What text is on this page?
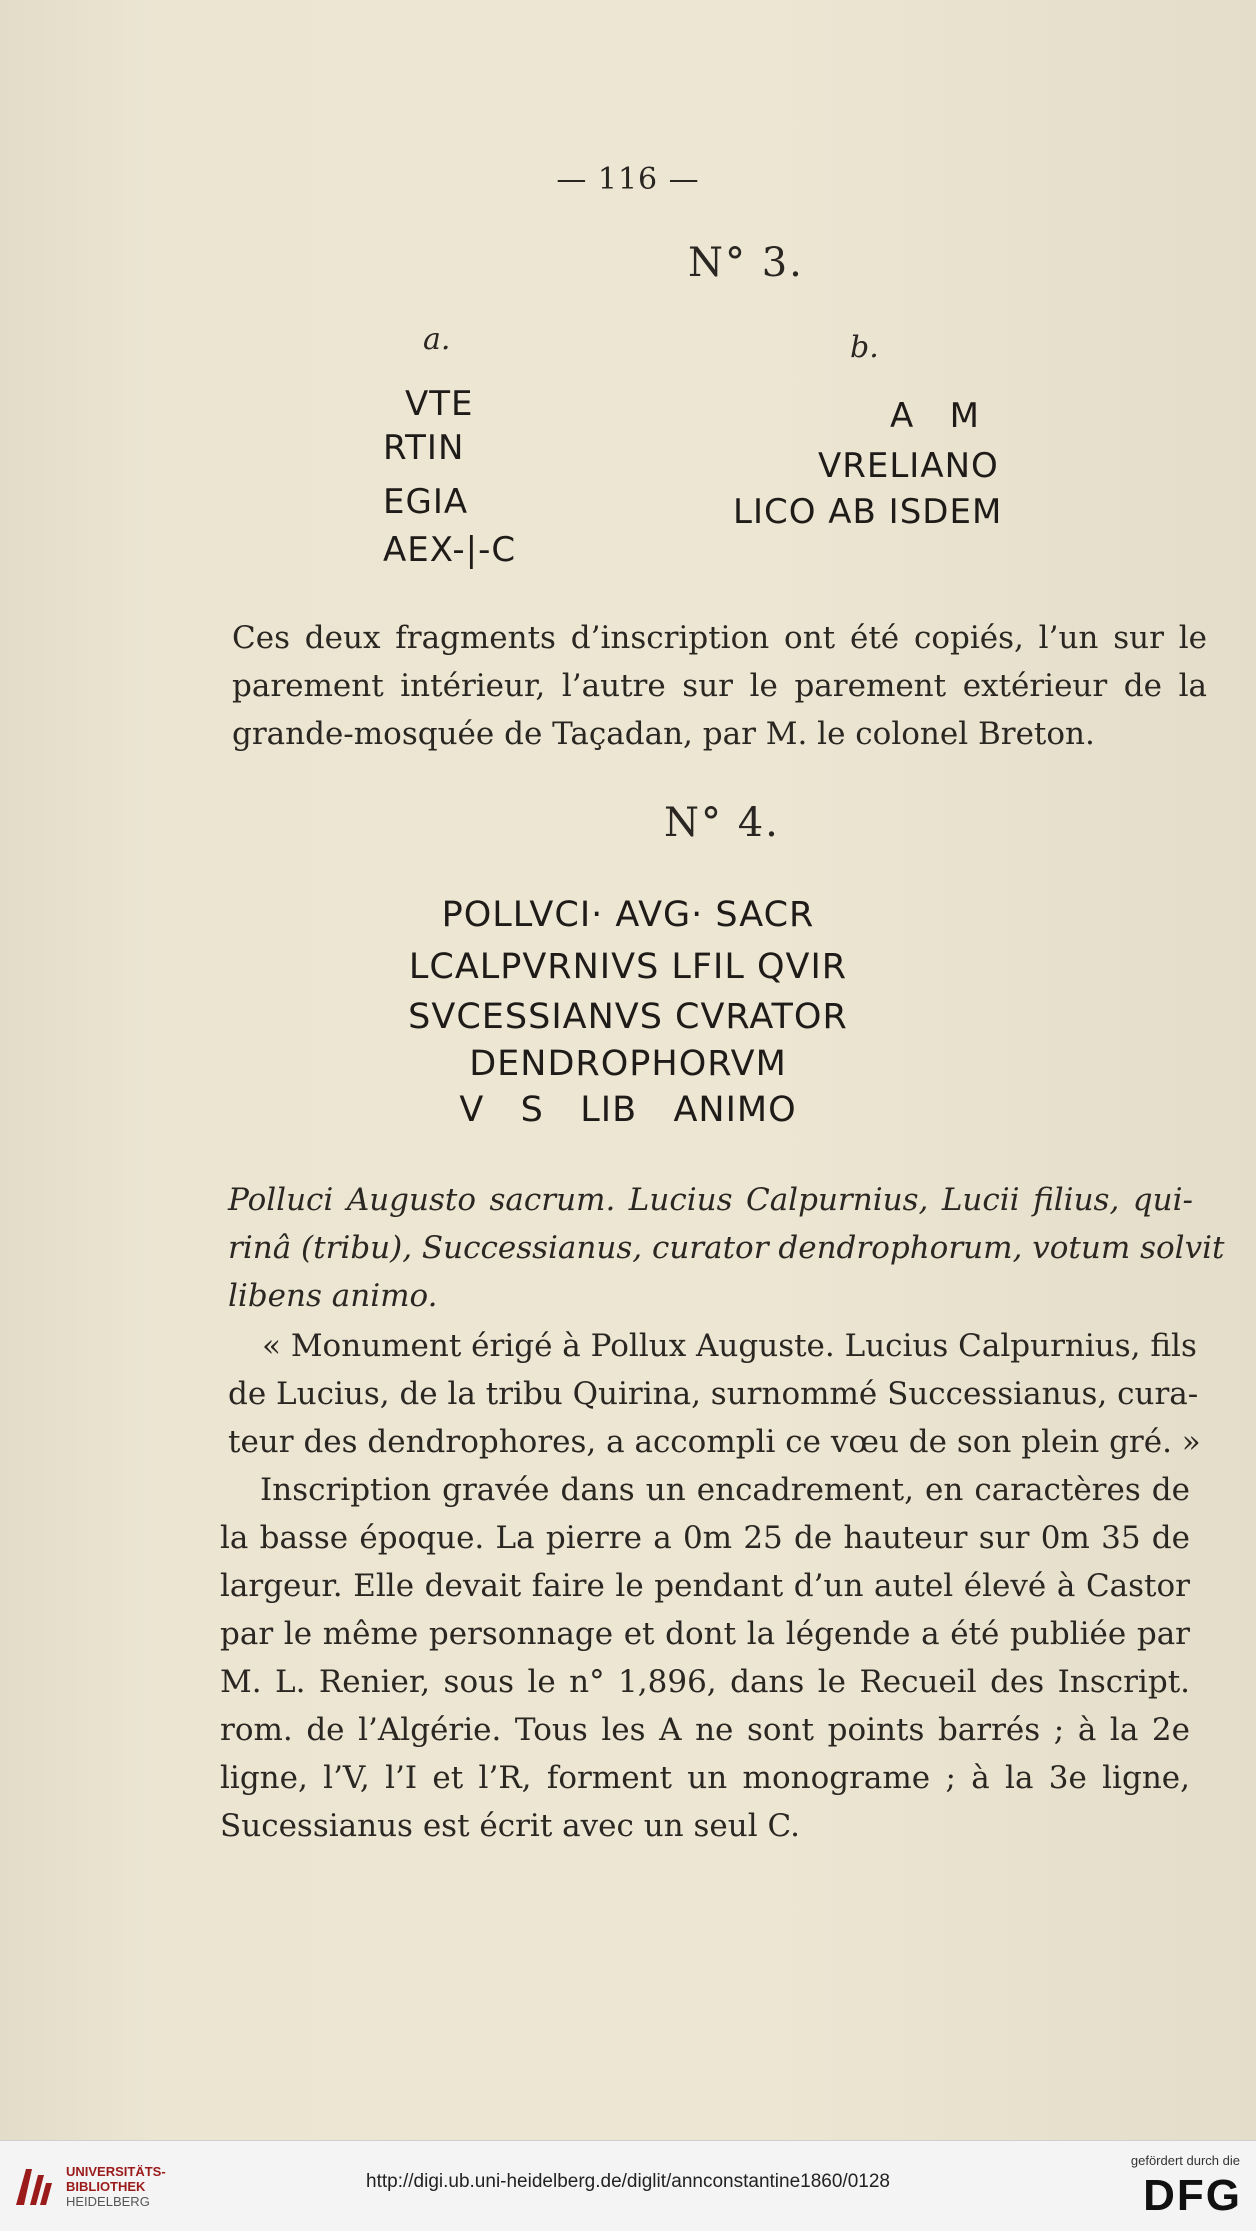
— 116 —
N° 3.
a.	b.
VTE
RTIN
EGIA
AEX-|-C
A   M
VRELIANO
LICO AB ISDEM
Ces deux fragments d’inscription ont été copiés, l’un sur le
parement intérieur, l’autre sur le parement extérieur de la
grande-mosquée de Taçadan, par M. le colonel Breton.
N° 4.
POLLVCI· AVG· SACR
LCALPVRNIVS LFIL QVIR
SVCESSIANVS CVRATOR
DENDROPHORVM
V   S   LIB   ANIMO
Polluci Augusto sacrum. Lucius Calpurnius, Lucii filius, qui-
rinâ (tribu), Successianus, curator dendrophorum, votum solvit
libens animo.
« Monument érigé à Pollux Auguste. Lucius Calpurnius, fils
de Lucius, de la tribu Quirina, surnommé Successianus, cura-
teur des dendrophores, a accompli ce vœu de son plein gré. »
Inscription gravée dans un encadrement, en caractères de
la basse époque. La pierre a 0m 25 de hauteur sur 0m 35 de
largeur. Elle devait faire le pendant d’un autel élevé à Castor
par le même personnage et dont la légende a été publiée par
M. L. Renier, sous le n° 1,896, dans le Recueil des Inscript.
rom. de l’Algérie. Tous les A ne sont points barrés ; à la 2e
ligne, l’V, l’I et l’R, forment un monograme ; à la 3e ligne,
Sucessianus est écrit avec un seul C.
UNIVERSITÄTS-
BIBLIOTHEK
HEIDELBERG
http://digi.ub.uni-heidelberg.de/diglit/annconstantine1860/0128
gefördert durch die
DFG
